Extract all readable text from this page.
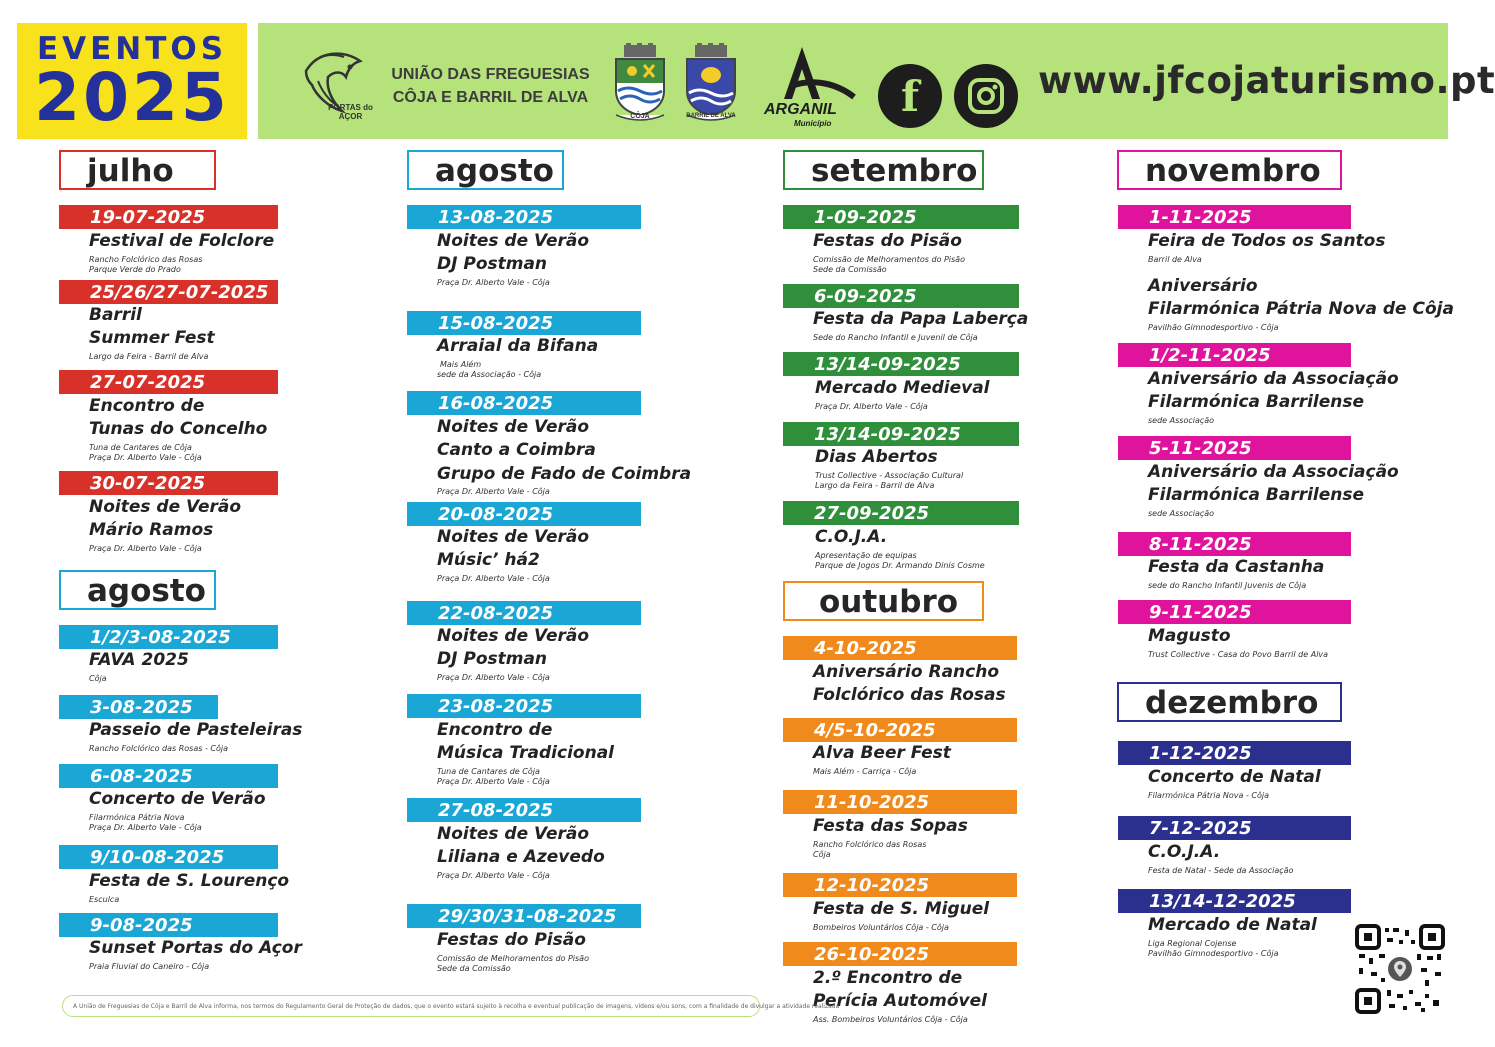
EVENTOS
2025	PORTAS do AÇOR
UNIÃO DAS FREGUESIAS
CÔJA E BARRIL DE ALVA
CÔJA	BARRIL DE ALVA	ARGANIL
Município
f	www.jfcojaturismo.pt
julho
19-07-2025
Festival de Folclore
Rancho Folclórico das Rosas
Parque Verde do Prado
25/26/27-07-2025
Barril
Summer Fest
Largo da Feira - Barril de Alva
27-07-2025
Encontro de
Tunas do Concelho
Tuna de Cantares de Côja
Praça Dr. Alberto Vale - Côja
30-07-2025
Noites de Verão
Mário Ramos
Praça Dr. Alberto Vale - Côja
agosto
1/2/3-08-2025
FAVA 2025
Côja
3-08-2025
Passeio de Pasteleiras
Rancho Folclórico das Rosas - Côja
6-08-2025
Concerto de Verão
Filarmónica Pátria Nova
Praça Dr. Alberto Vale - Côja
9/10-08-2025
Festa de S. Lourenço
Esculca
9-08-2025
Sunset Portas do Açor
Praia Fluvial do Caneiro - Côja
agosto
13-08-2025
Noites de Verão
DJ Postman
Praça Dr. Alberto Vale - Côja
15-08-2025
Arraial da Bifana
Mais Além
sede da Associação - Côja
16-08-2025
Noites de Verão
Canto a Coimbra
Grupo de Fado de Coimbra
Praça Dr. Alberto Vale - Côja
20-08-2025
Noites de Verão
Músic’ há2
Praça Dr. Alberto Vale - Côja
22-08-2025
Noites de Verão
DJ Postman
Praça Dr. Alberto Vale - Côja
23-08-2025
Encontro de
Música Tradicional
Tuna de Cantares de Côja
Praça Dr. Alberto Vale - Côja
27-08-2025
Noites de Verão
Liliana e Azevedo
Praça Dr. Alberto Vale - Côja
29/30/31-08-2025
Festas do Pisão
Comissão de Melhoramentos do Pisão
Sede da Comissão
setembro
1-09-2025
Festas do Pisão
Comissão de Melhoramentos do Pisão
Sede da Comissão
6-09-2025
Festa da Papa Laberça
Sede do Rancho Infantil e Juvenil de Côja
13/14-09-2025
Mercado Medieval
Praça Dr. Alberto Vale - Côja
13/14-09-2025
Dias Abertos
Trust Collective - Associação Cultural
Largo da Feira - Barril de Alva
27-09-2025
C.O.J.A.
Apresentação de equipas
Parque de Jogos Dr. Armando Dinis Cosme
outubro
4-10-2025
Aniversário Rancho
Folclórico das Rosas
4/5-10-2025
Alva Beer Fest
Mais Além - Carriça - Côja
11-10-2025
Festa das Sopas
Rancho Folclórico das Rosas
Côja
12-10-2025
Festa de S. Miguel
Bombeiros Voluntários Côja - Côja
26-10-2025
2.º Encontro de
Perícia Automóvel
Ass. Bombeiros Voluntários Côja - Côja
novembro
1-11-2025
Feira de Todos os Santos
Barril de Alva
Aniversário
Filarmónica Pátria Nova de Côja
Pavilhão Gimnodesportivo - Côja
1/2-11-2025
Aniversário da Associação
Filarmónica Barrilense
sede Associação
5-11-2025
Aniversário da Associação
Filarmónica Barrilense
sede Associação
8-11-2025
Festa da Castanha
sede do Rancho Infantil Juvenis de Côja
9-11-2025
Magusto
Trust Collective - Casa do Povo Barril de Alva
dezembro
1-12-2025
Concerto de Natal
Filarmónica Pátria Nova - Côja
7-12-2025
C.O.J.A.
Festa de Natal - Sede da Associação
13/14-12-2025
Mercado de Natal
Liga Regional Cojense
Pavilhão Gimnodesportivo - Côja
A União de Freguesias de Côja e Barril de Alva informa, nos termos do Regulamento Geral de Proteção de dados, que o evento estará sujeito à recolha e eventual publicação de imagens, vídeos e/ou sons, com a finalidade de divulgar a atividade realizada
